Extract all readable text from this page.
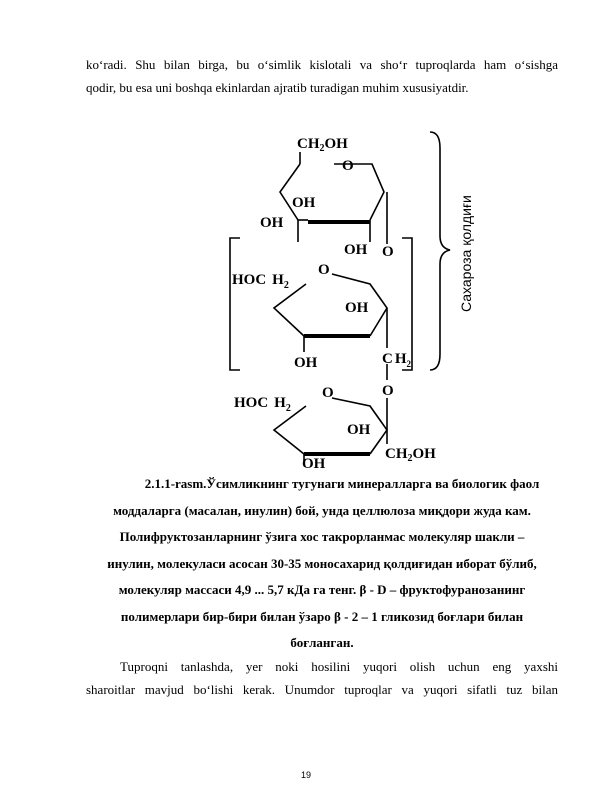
ko‘radi. Shu bilan birga, bu o‘simlik kislotali va sho‘r tuproqlarda ham o‘sishga
qodir, bu esa uni boshqa ekinlardan ajratib turadigan muhim xususiyatdir.

$CH_2OH$
O
OH
OH
OH O
HOC $H_2$
O
OH
OH	C $H_2$
O
HOC $H_2$
O
OH
OH
$CH_2OH$
Сахароза қолдиғи

2.1.1-rasm.Ўсимликнинг тугунаги минералларга ва биологик фаол
моддаларга (масалан, инулин) бой, унда целлюлоза миқдори жуда кам.
Полифруктозанларнинг ўзига хос такрорланмас молекуляр шакли –
инулин, молекуласи асосан 30-35 моносахарид қолдиғидан иборат бўлиб,
молекуляр массаси 4,9 ... 5,7 кДа га тенг. β - D – фруктофуранозанинг
полимерлари бир-бири билан ўзаро β - 2 – 1 гликозид боғлари билан
боғланган.

Tuproqni tanlashda, yer noki hosilini yuqori olish uchun eng yaxshi
sharoitlar mavjud bo‘lishi kerak. Unumdor tuproqlar va yuqori sifatli tuz bilan

19
